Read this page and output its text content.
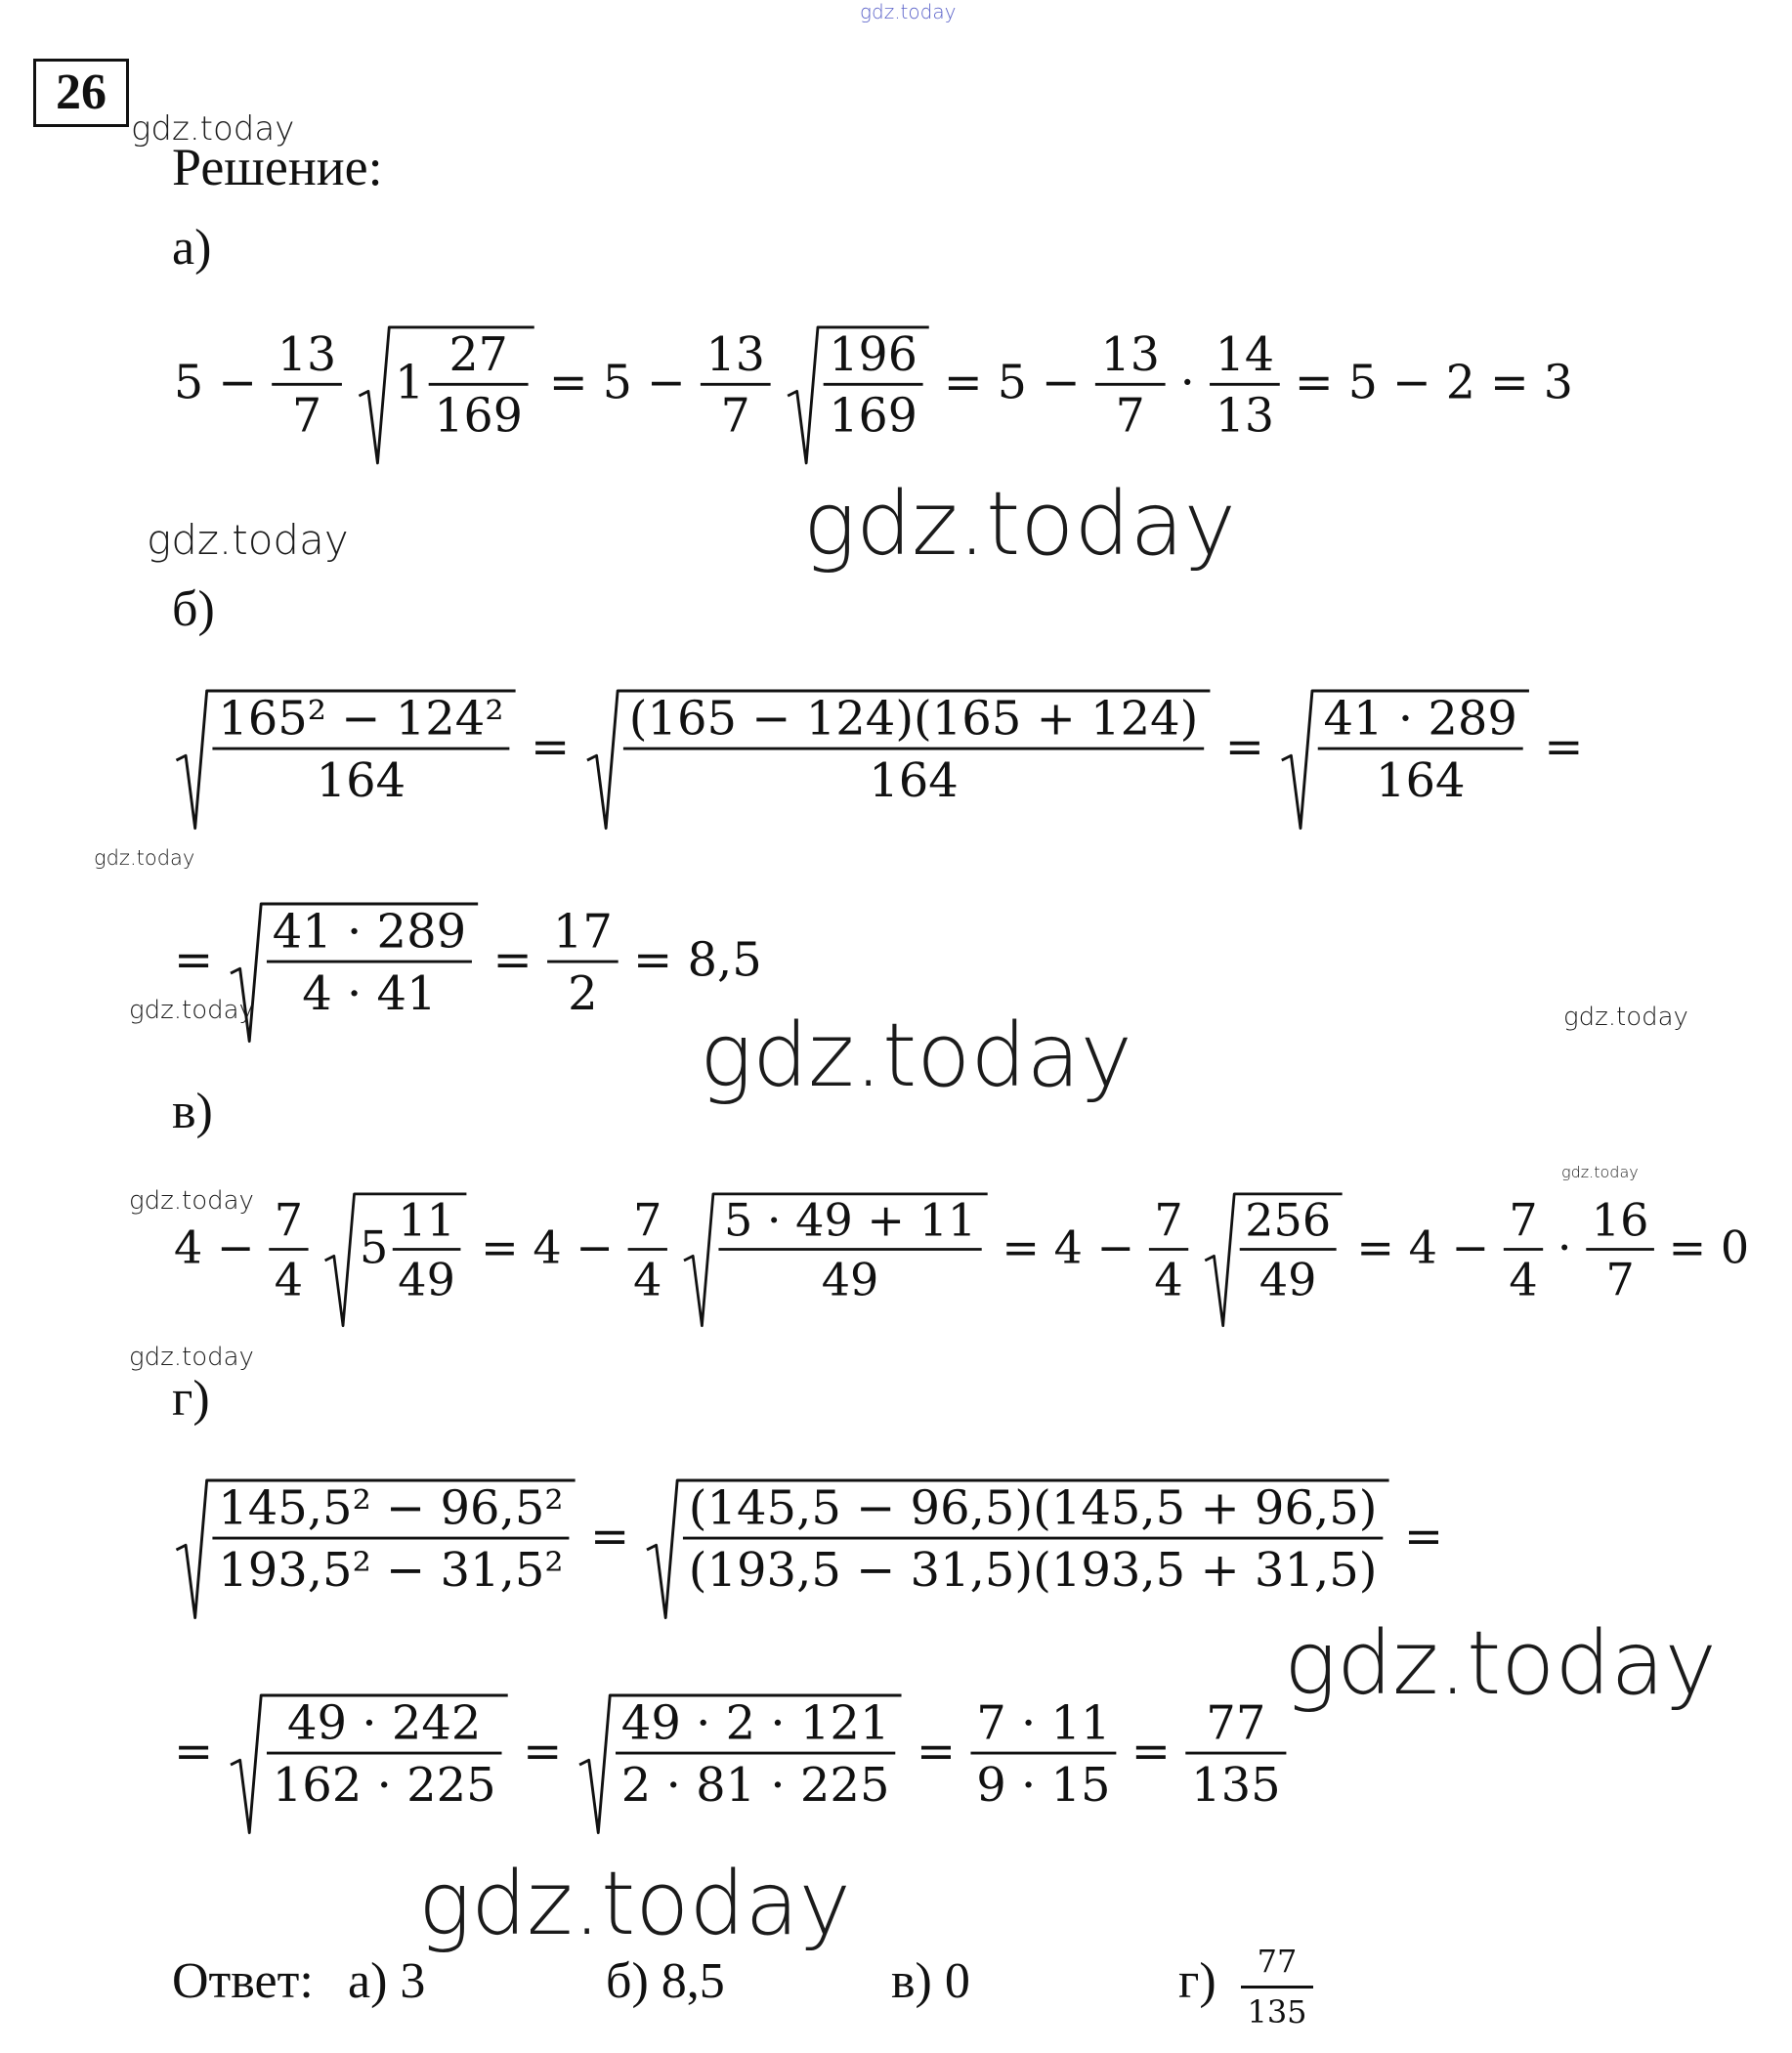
gdz.today
gdz.today
gdz.today	gdz.today
gdz.today
gdz.today	gdz.today
gdz.today
gdz.today
gdz.today
gdz.today
gdz.today
gdz.today
26
Решение:
а)
б)
в)
г)
5 −
13
7
1
27
169
= 5 −
13
7
196
169
= 5 −
13
7
·
14
13
= 5 − 2 = 3
165² − 124²
164
=
(165 − 124)(165 + 124)
164
=
41 · 289
164
=
=
41 · 289
4 · 41
=
17
2
= 8,5
4 −
7
4
5
11
49
= 4 −
7
4
5 · 49 + 11
49
= 4 −
7
4
256
49
= 4 −
7
4
·
16
7
= 0
145,5² − 96,5²
193,5² − 31,5²
=
(145,5 − 96,5)(145,5 + 96,5)
(193,5 − 31,5)(193,5 + 31,5)
=
=
49 · 242
162 · 225
=
49 · 2 · 121
2 · 81 · 225
=
7 · 11
9 · 15
=
77
135
Ответ: а) 3	б) 8,5	в) 0	г)	77
135
